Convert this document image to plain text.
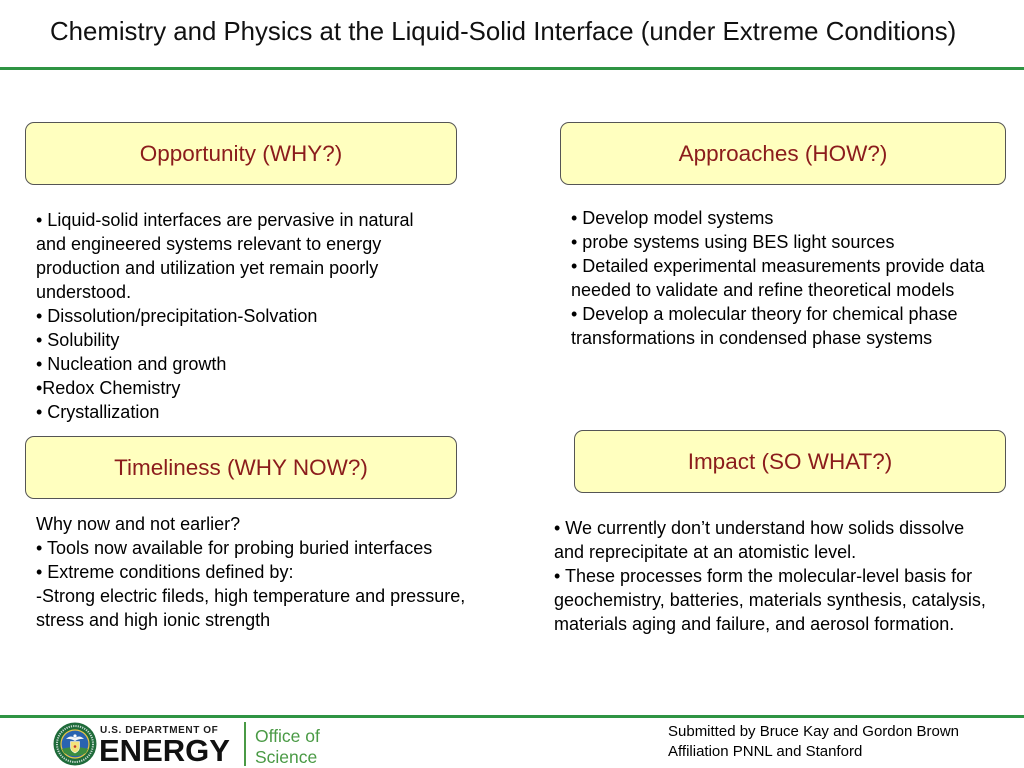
Chemistry and Physics at the Liquid-Solid Interface (under Extreme Conditions)
Opportunity (WHY?)
• Liquid-solid interfaces are pervasive in natural and engineered systems relevant to energy production and utilization yet remain poorly understood.
• Dissolution/precipitation-Solvation
• Solubility
• Nucleation and growth
•Redox Chemistry
• Crystallization
Approaches (HOW?)
• Develop model systems
• probe systems using BES light sources
• Detailed experimental measurements provide data needed to validate and refine theoretical models
• Develop a molecular theory for chemical phase transformations in condensed phase systems
Timeliness (WHY NOW?)
Why now and not earlier?
• Tools now available for probing buried interfaces
• Extreme conditions defined by:
-Strong electric fileds, high temperature and pressure, stress and high ionic strength
Impact (SO WHAT?)
• We currently don’t understand how solids dissolve and reprecipitate at an atomistic level.
• These processes form the molecular-level basis for geochemistry, batteries, materials synthesis, catalysis, materials aging and failure, and aerosol formation.
U.S. DEPARTMENT OF
ENERGY Office of
Science
Submitted by Bruce Kay and Gordon Brown
Affiliation PNNL and Stanford
